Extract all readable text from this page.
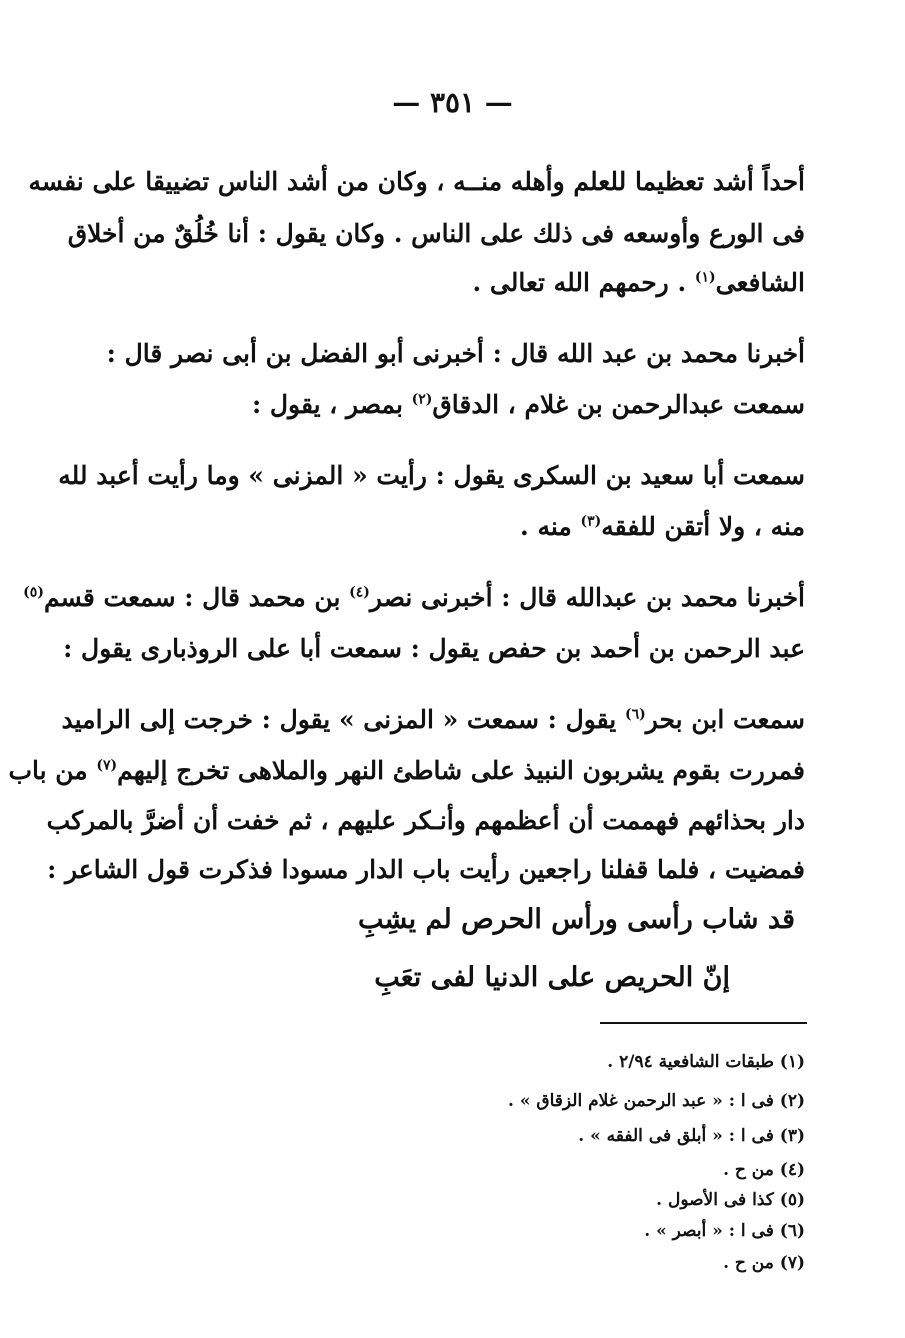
— ٣٥١ —
أحداً أشد تعظيما للعلم وأهله منــه ، وكان من أشد الناس تضييقا على نفسه
فى الورع وأوسعه فى ذلك على الناس . وكان يقول : أنا خُلُقٌ من أخلاق
الشافعى$^{(١)}$ . رحمهم الله تعالى .
أخبرنا محمد بن عبد الله قال : أخبرنى أبو الفضل بن أبى نصر قال :
سمعت عبدالرحمن بن غلام ، الدقاق$^{(٢)}$ بمصر ، يقول :
سمعت أبا سعيد بن السكرى يقول : رأيت « المزنى » وما رأيت أعبد لله
منه ، ولا أتقن للفقه$^{(٣)}$ منه .
أخبرنا محمد بن عبدالله قال : أخبرنى نصر$^{(٤)}$ بن محمد قال : سمعت قسم$^{(٥)}$
عبد الرحمن بن أحمد بن حفص يقول : سمعت أبا على الروذبارى يقول :
سمعت ابن بحر$^{(٦)}$ يقول : سمعت « المزنى » يقول : خرجت إلى الراميد
فمررت بقوم يشربون النبيذ على شاطئ النهر والملاهى تخرج إليهم$^{(٧)}$ من باب
دار بحذائهم فهممت أن أعظمهم وأنـكر عليهم ، ثم خفت أن أضرَّ بالمركب
فمضيت ، فلما قفلنا راجعين رأيت باب الدار مسودا فذكرت قول الشاعر :
قد شاب رأسى ورأس الحرص لم يشِبِ
إنّ الحريص على الدنيا لفى تعَبِ
(١) طبقات الشافعية ٢/٩٤ .
(٢) فى ا : « عبد الرحمن غلام الزقاق » .
(٣) فى ا : « أبلق فى الفقه » .
(٤) من ح .
(٥) كذا فى الأصول .
(٦) فى ا : « أبصر » .
(٧) من ح .
